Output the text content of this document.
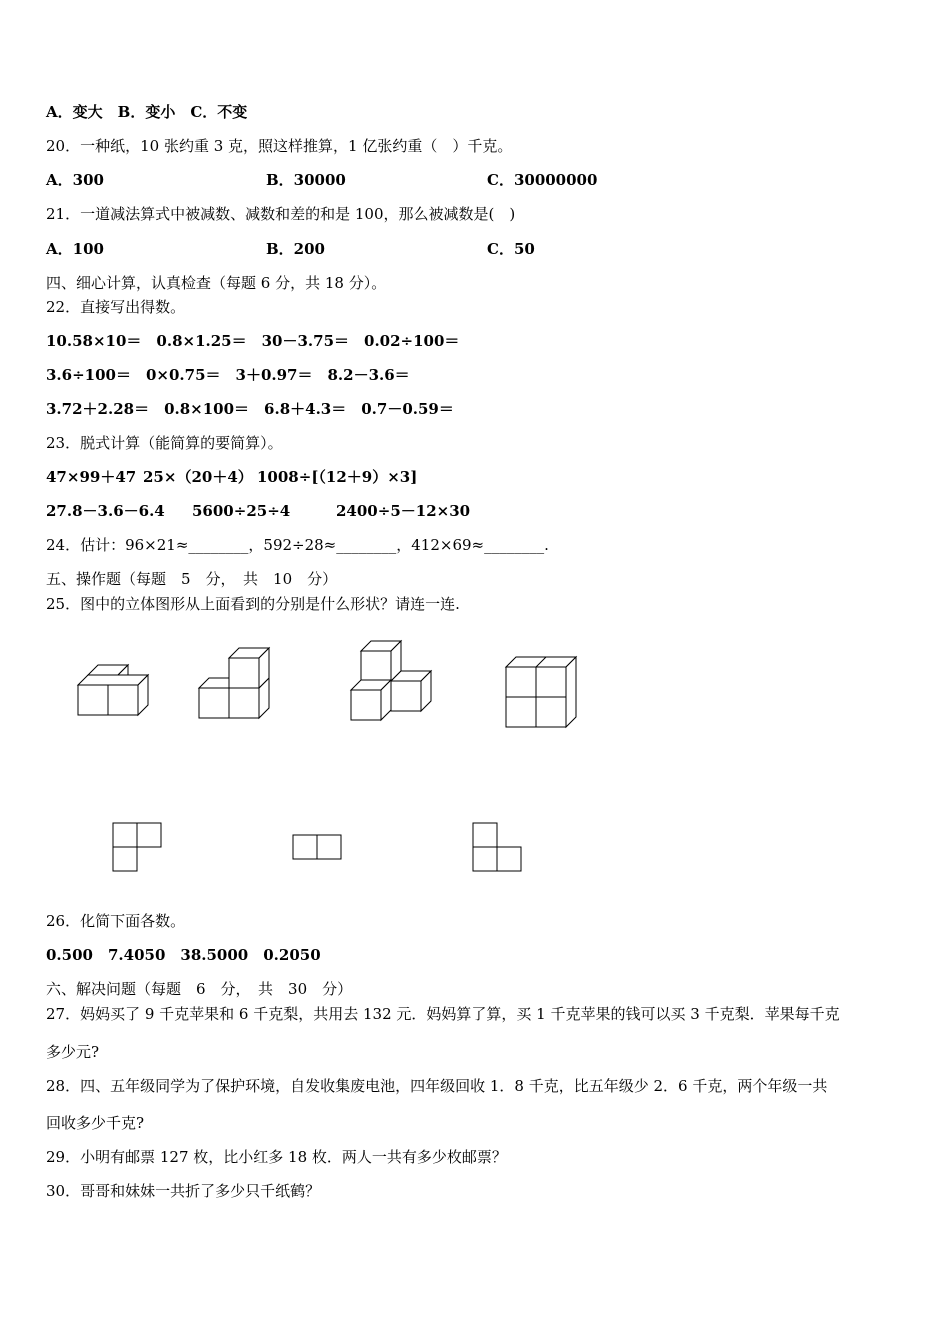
A．变大　B．变小　C．不变
20．一种纸，10 张约重 3 克，照这样推算，1 亿张约重（　）千克。
A．300	B．30000	C．30000000
21．一道减法算式中被减数、减数和差的和是 100，那么被减数是(　)
A．100	B．200	C．50
四、细心计算，认真检查（每题 6 分，共 18 分）。
22．直接写出得数。
10.58×10＝　0.8×1.25＝　30－3.75＝　0.02÷100＝
3.6÷100＝　0×0.75＝　3＋0.97＝　8.2－3.6＝
3.72＋2.28＝　0.8×100＝　6.8＋4.3＝　0.7－0.59＝
23．脱式计算（能简算的要简算）。
47×99＋47 25×（20＋4） 1008÷[（12＋9）×3]
27.8－3.6－6.4 5600÷25÷4	2400÷5－12×30
24．估计：96×21≈________，592÷28≈________，412×69≈________.
五、操作题（每题　5　分，　共　10　分）
25．图中的立体图形从上面看到的分别是什么形状？请连一连.
26．化简下面各数。
0.500　7.4050　38.5000　0.2050
六、解决问题（每题　6　分，　共　30　分）
27．妈妈买了 9 千克苹果和 6 千克梨，共用去 132 元．妈妈算了算，买 1 千克苹果的钱可以买 3 千克梨．苹果每千克
多少元?
28．四、五年级同学为了保护环境，自发收集废电池，四年级回收 1．8 千克，比五年级少 2．6 千克，两个年级一共
回收多少千克?
29．小明有邮票 127 枚，比小红多 18 枚．两人一共有多少枚邮票？
30．哥哥和妹妹一共折了多少只千纸鹤？
